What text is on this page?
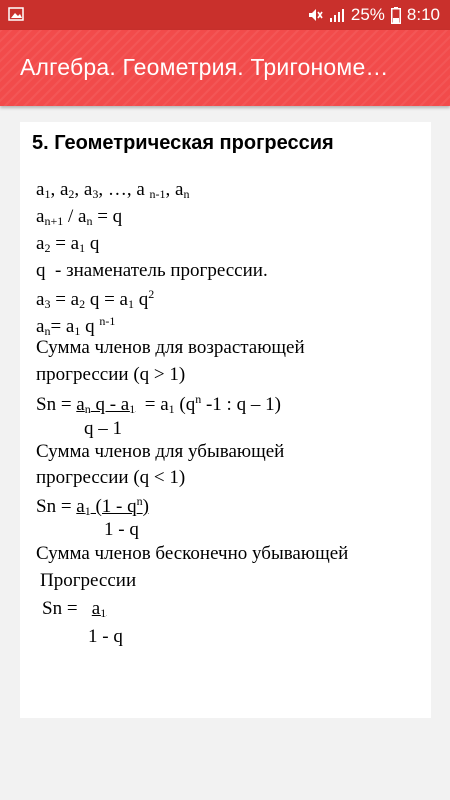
25% 8:10
Алгебра. Геометрия. Тригономе…
5. Геометрическая прогрессия
$a_1$, $a_2$, $a_3$, …, a $_{n-1}$, $a_n$
$a_{n+1} / a_n = q$
$a_2 = a_1$ q
q  - знаменатель прогрессии.
$a_3 = a_2$ $q = a_1$ $q^2$
$a_n= a_1$ q $^{n-1}$
Сумма членов для возрастающей
прогрессии (q > 1)
$Sn = a_n$ $q - a_1 = a_1$ ($q^n$ -1 : q – 1)
q – 1
Сумма членов для убывающей
прогрессии (q < 1)
$Sn = a_1$ $(1 - q^n)$
1 - q
Сумма членов бесконечно убывающей
Прогрессии
$Sn = a_1$
1 - q
